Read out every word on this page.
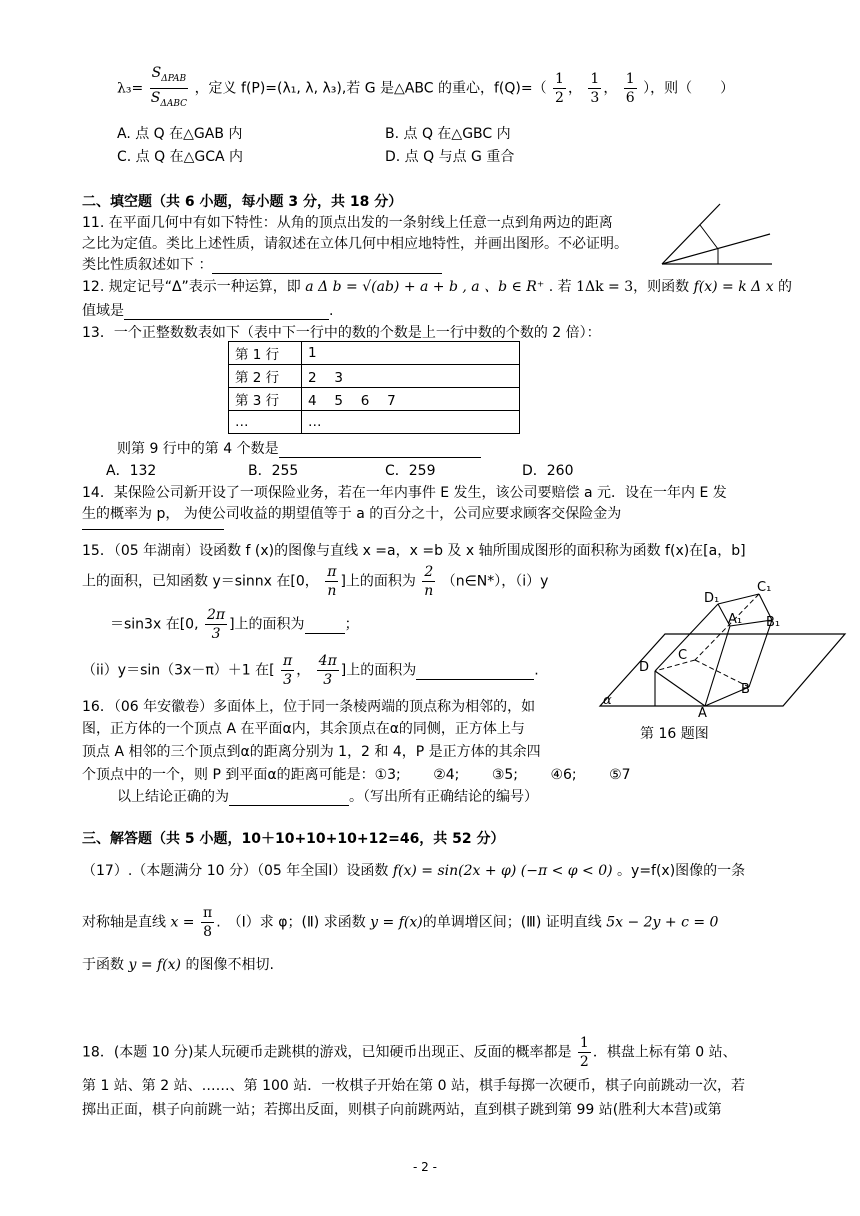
$\lambda_3= \frac{S_{\Delta PAB}}{S_{\Delta ABC}}$ ，定义 f(P)=(λ₁, λ, λ₃),若 G 是△ABC 的重心，$f(Q)=( \frac{1}{2}$ ， $\frac{1}{3}$ ， $\frac{1}{6}$ ），则（　　）
A. 点 Q 在△GAB 内	B. 点 Q 在△GBC 内
C. 点 Q 在△GCA 内	D. 点 Q 与点 G 重合
二、填空题（共 6 小题，每小题 3 分，共 18 分）
11. 在平面几何中有如下特性：从角的顶点出发的一条射线上任意一点到角两边的距离
之比为定值。类比上述性质，请叙述在立体几何中相应地特性，并画出图形。不必证明。
类比性质叙述如下 ：
12. 规定记号“Δ”表示一种运算，即 a Δ b = √(ab) + a + b , a 、b ∈ R⁺ . 若 1Δk = 3，则函数 f(x) = k Δ x 的
值域是	.
13．一个正整数数表如下（表中下一行中的数的个数是上一行中数的个数的 2 倍）：
第 1 行	1
第 2 行	2　 3
第 3 行	4　 5　 6　 7
…	…
则第 9 行中的第 4 个数是
A．132	B．255	C．259	D．260
14．某保险公司新开设了一项保险业务，若在一年内事件 E 发生，该公司要赔偿 a 元．设在一年内 E 发
生的概率为 p， 为使公司收益的期望值等于 a 的百分之十，公司应要求顾客交保险金为
15．（05 年湖南）设函数 f (x)的图像与直线 x =a，x =b 及 x 轴所围成图形的面积称为函数 f(x)在[a，b]
上的面积，已知函数 y＝sinnx 在[0， $\frac{\pi}{n}$ ]上的面积为 $\frac{2}{n}$ （n∈N*），（i）y
＝sin3x 在[0, $\frac{2\pi}{3}$ ]上的面积为	；
（ii）y＝sin（3x－π）＋1 在[ $\frac{\pi}{3}$ ， $\frac{4\pi}{3}$ ]上的面积为	.
16．（06 年安徽卷）多面体上，位于同一条棱两端的顶点称为相邻的，如
图，正方体的一个顶点 A 在平面α内，其余顶点在α的同侧，正方体上与
顶点 A 相邻的三个顶点到α的距离分别为 1，2 和 4，P 是正方体的其余四
个顶点中的一个，则 P 到平面α的距离可能是：①3;　　 ②4;　　 ③5;　　 ④6;　　 ⑤7
以上结论正确的为	。（写出所有正确结论的编号）
D₁
C₁
A₁ B₁
D
C
B
A
α
第 16 题图
三、解答题（共 5 小题，10＋10+10+10+12=46，共 52 分）
（17）.（本题满分 10 分）（05 年全国Ⅰ）设函数 f(x) = sin(2x + φ) (−π < φ < 0) 。y=f(x)图像的一条
对称轴是直线 $x = \frac{\pi}{8}$ .　（Ⅰ）求 φ；(Ⅱ) 求函数 y = f(x)的单调增区间；(Ⅲ) 证明直线 5x − 2y + c = 0
于函数 y = f(x) 的图像不相切.
18．(本题 10 分)某人玩硬币走跳棋的游戏，已知硬币出现正、反面的概率都是 $\frac{1}{2}$ ．棋盘上标有第 0 站、
第 1 站、第 2 站、……、第 100 站．一枚棋子开始在第 0 站，棋手每掷一次硬币，棋子向前跳动一次，若
掷出正面，棋子向前跳一站；若掷出反面，则棋子向前跳两站，直到棋子跳到第 99 站(胜利大本营)或第
- 2 -
